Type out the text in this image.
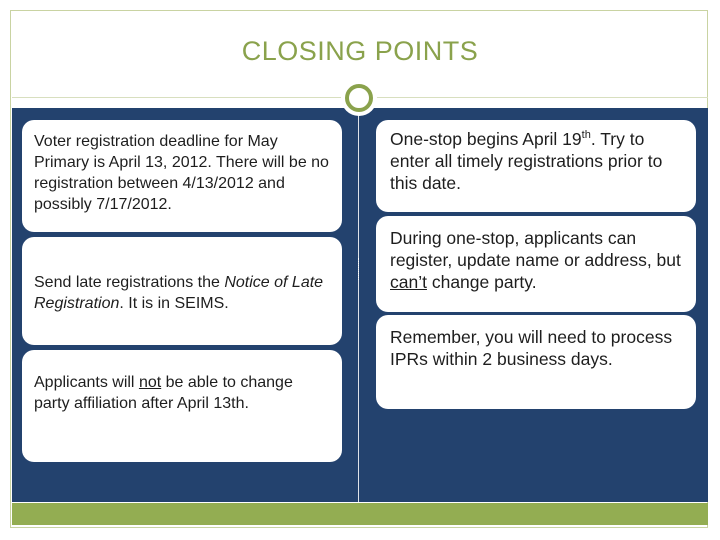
CLOSING POINTS
Voter registration deadline for May Primary is April 13, 2012. There will be no registration between 4/13/2012 and possibly 7/17/2012.
Send late registrations the Notice of Late Registration. It is in SEIMS.
Applicants will not be able to change party affiliation after April 13th.
One-stop begins April 19th. Try to enter all timely registrations prior to this date.
During one-stop, applicants can register, update name or address, but can’t change party.
Remember, you will need to process IPRs within 2 business days.
